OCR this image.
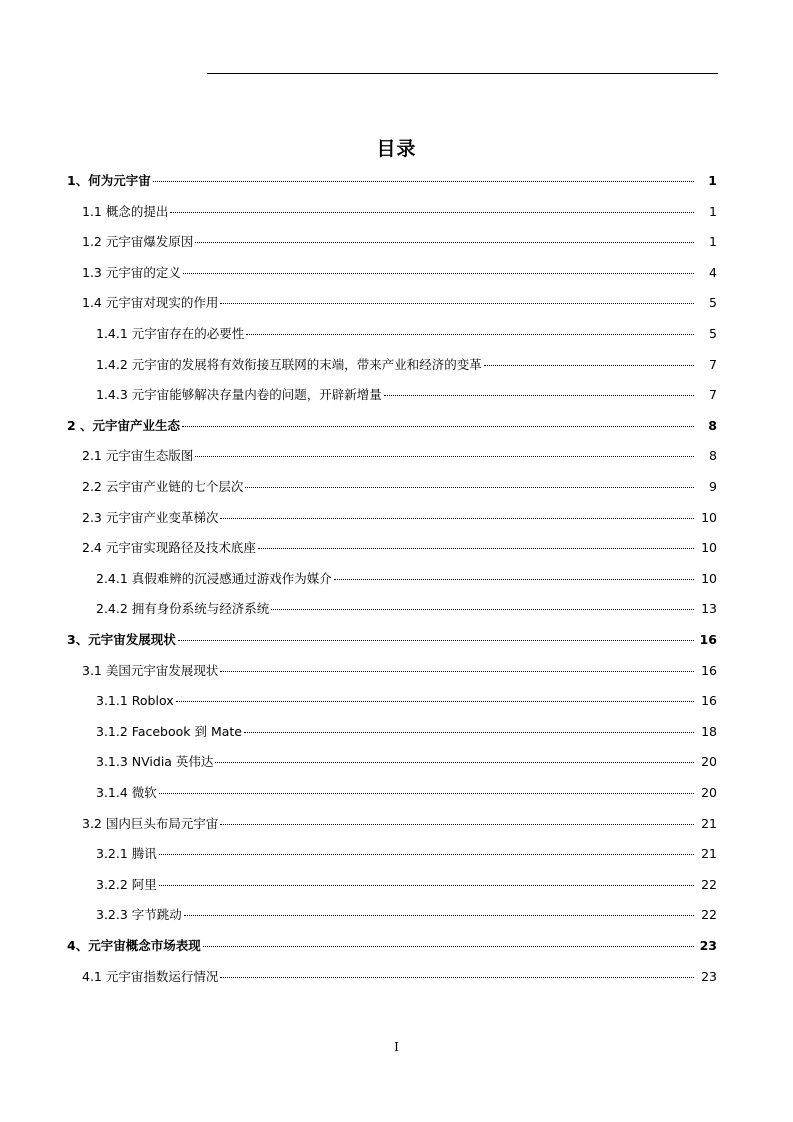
目录
1、何为元宇宙	1
1.1 概念的提出	1
1.2 元宇宙爆发原因	1
1.3 元宇宙的定义	4
1.4 元宇宙对现实的作用	5
1.4.1 元宇宙存在的必要性	5
1.4.2 元宇宙的发展将有效衔接互联网的末端，带来产业和经济的变革	7
1.4.3 元宇宙能够解决存量内卷的问题，开辟新增量	7
2 、元宇宙产业生态	8
2.1 元宇宙生态版图	8
2.2 云宇宙产业链的七个层次	9
2.3 元宇宙产业变革梯次	10
2.4 元宇宙实现路径及技术底座	10
2.4.1 真假难辨的沉浸感通过游戏作为媒介	10
2.4.2 拥有身份系统与经济系统	13
3、元宇宙发展现状	16
3.1 美国元宇宙发展现状	16
3.1.1 Roblox	16
3.1.2 Facebook 到 Mate	18
3.1.3 NVidia 英伟达	20
3.1.4 微软	20
3.2 国内巨头布局元宇宙	21
3.2.1 腾讯	21
3.2.2 阿里	22
3.2.3 字节跳动	22
4、元宇宙概念市场表现	23
4.1 元宇宙指数运行情况	23
I
